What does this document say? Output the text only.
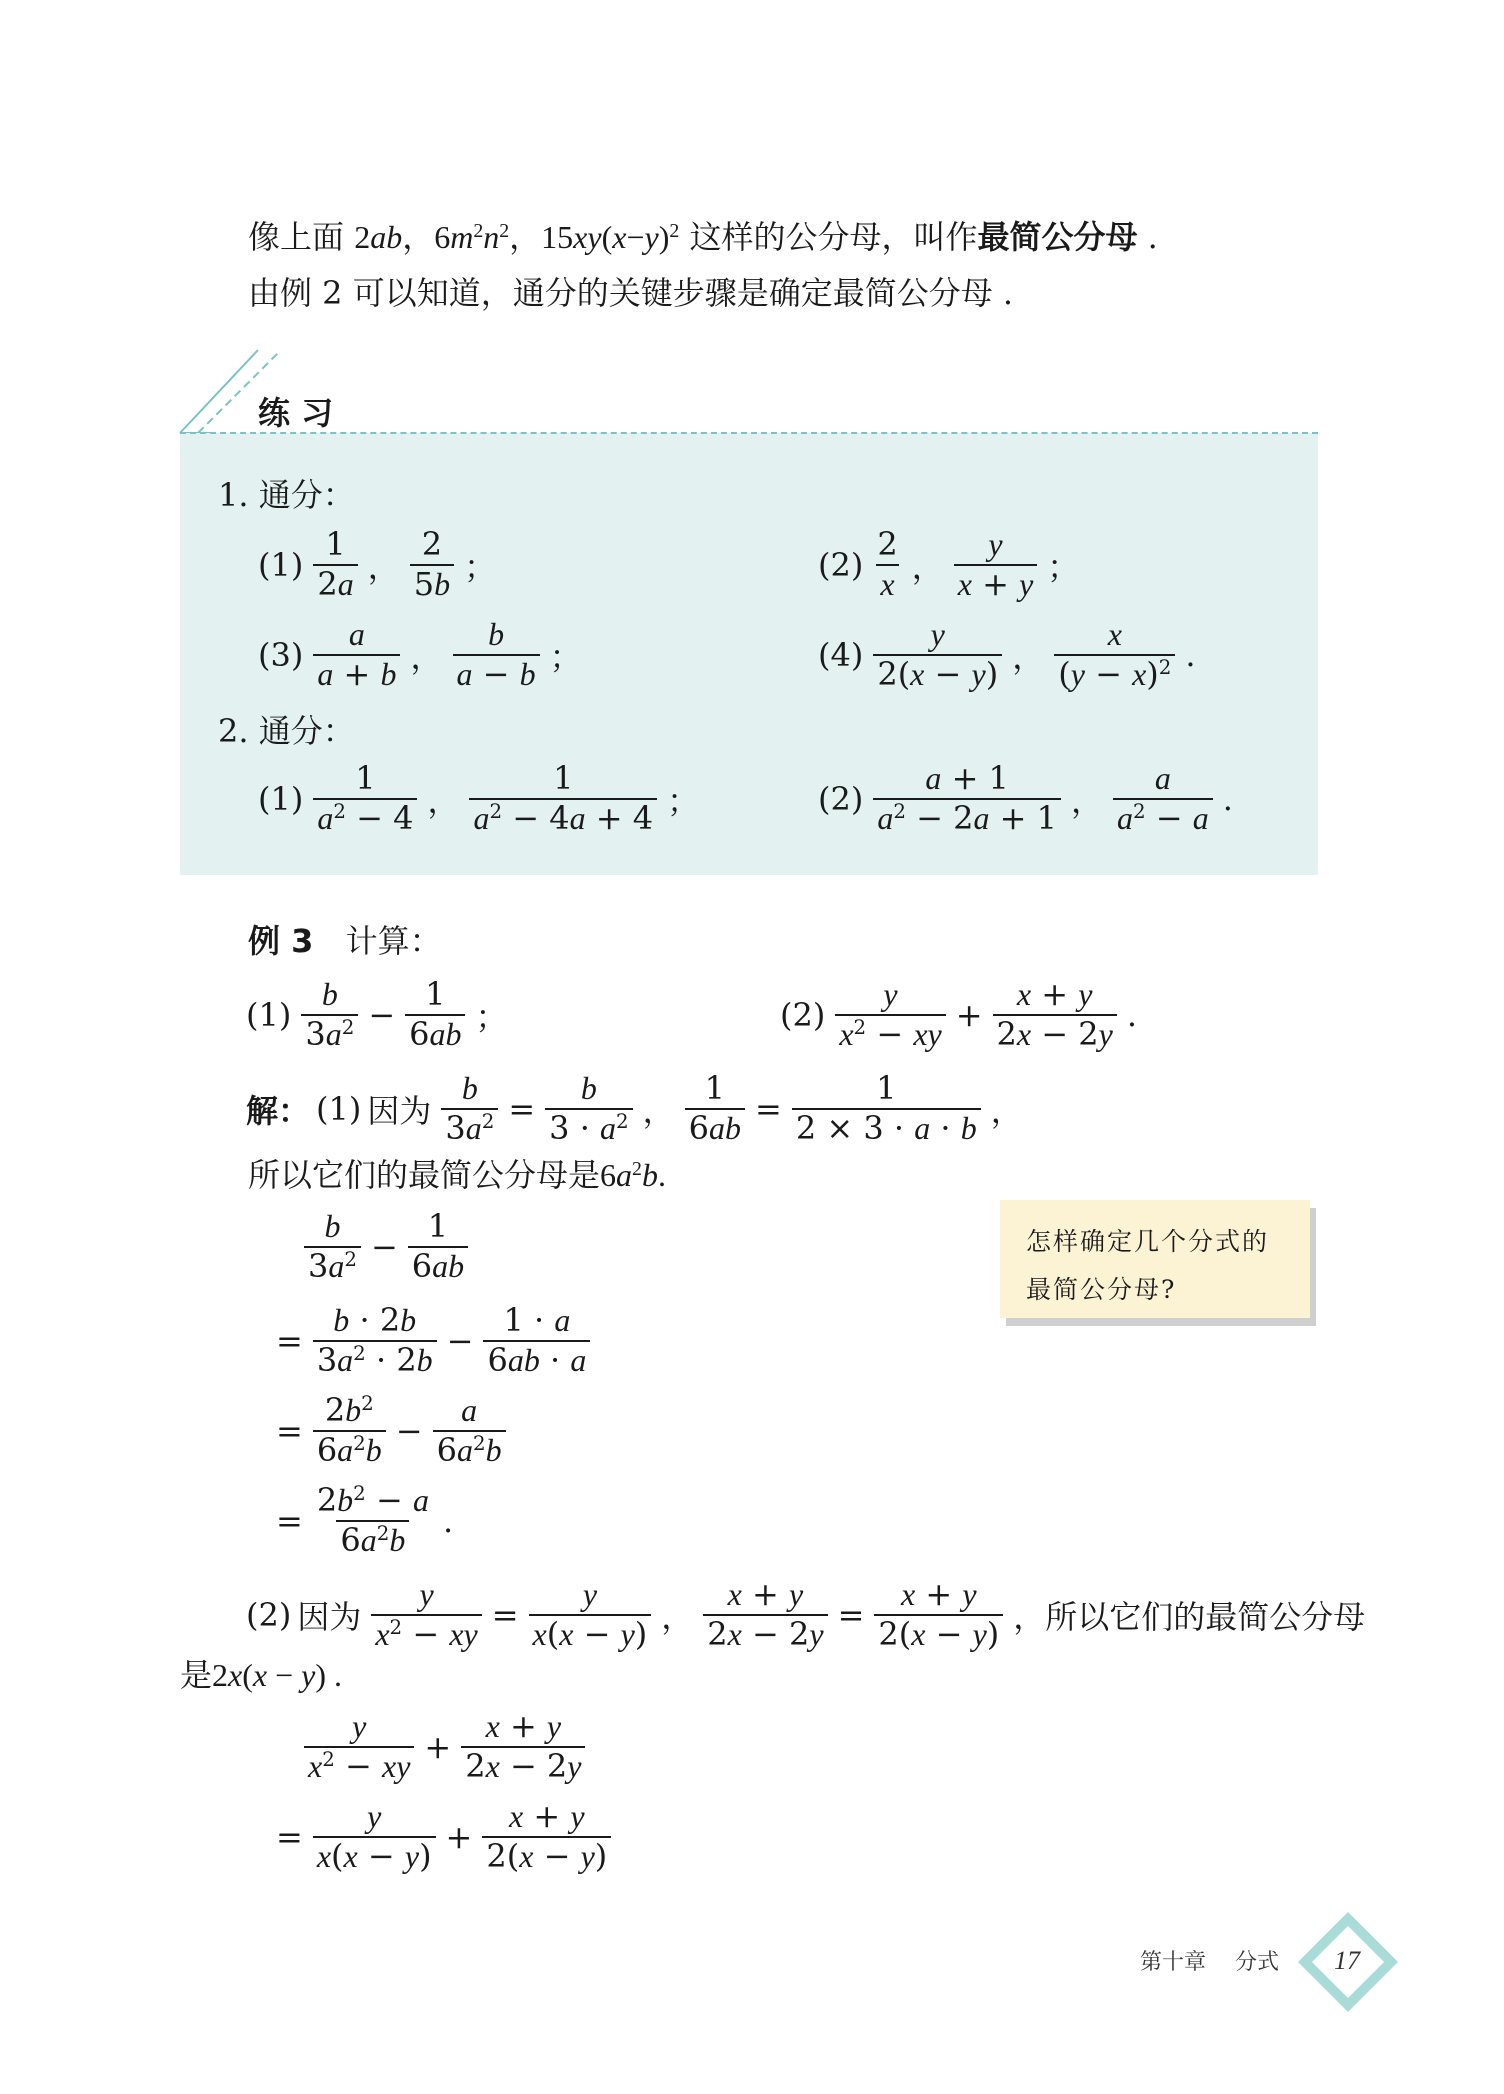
像上面 2ab，$6m^2n^2$，$15xy(x-y)^2$ 这样的公分母，叫作最简公分母 .
由例 2 可以知道，通分的关键步骤是确定最简公分母 .
练 习
1. 通分：
$(1) \frac{1}{2a}$ ， $\frac{2}{5b}$ ；	$(2) \frac{2}{x}$ ， $\frac{y}{x + y}$ ；
$(3) \frac{a}{a + b}$ ， $\frac{b}{a - b}$ ；	$(4) \frac{y}{2(x - y)}$ ， $\frac{x}{(y - x)^2}$ .
2. 通分：
$(1) \frac{1}{a^2 - 4}$ ， $\frac{1}{a^2 - 4a + 4}$ ；	$(2) \frac{a + 1}{a^2 - 2a + 1}$ ， $\frac{a}{a^2 - a}$ .
例 3 计算：
$(1) \frac{b}{3a^2} - \frac{1}{6ab}$ ；	$(2) \frac{y}{x^2 - xy} + \frac{x + y}{2x - 2y}$ .
解： (1) 因为 $\frac{b}{3a^2} = \frac{b}{3 \cdot a^2}$ ， $\frac{1}{6ab} = \frac{1}{2 \times 3 \cdot a \cdot b}$ ，
所以它们的最简公分母是$6a^2b$.
$\frac{b}{3a^2} - \frac{1}{6ab}$
= $\frac{b \cdot 2b}{3a^2 \cdot 2b} - \frac{1 \cdot a}{6ab \cdot a}$
= $\frac{2b^2}{6a^2b} - \frac{a}{6a^2b}$
= $\frac{2b^2 - a}{6a^2b}$ .
怎样确定几个分式的
最简公分母?
(2) 因为 $\frac{y}{x^2 - xy} = \frac{y}{x(x - y)}$ ， $\frac{x + y}{2x - 2y} = \frac{x + y}{2(x - y)}$ ，所以它们的最简公分母
是2x(x − y) .
$\frac{y}{x^2 - xy} + \frac{x + y}{2x - 2y}$
= $\frac{y}{x(x - y)} + \frac{x + y}{2(x - y)}$
第十章 分式 17
